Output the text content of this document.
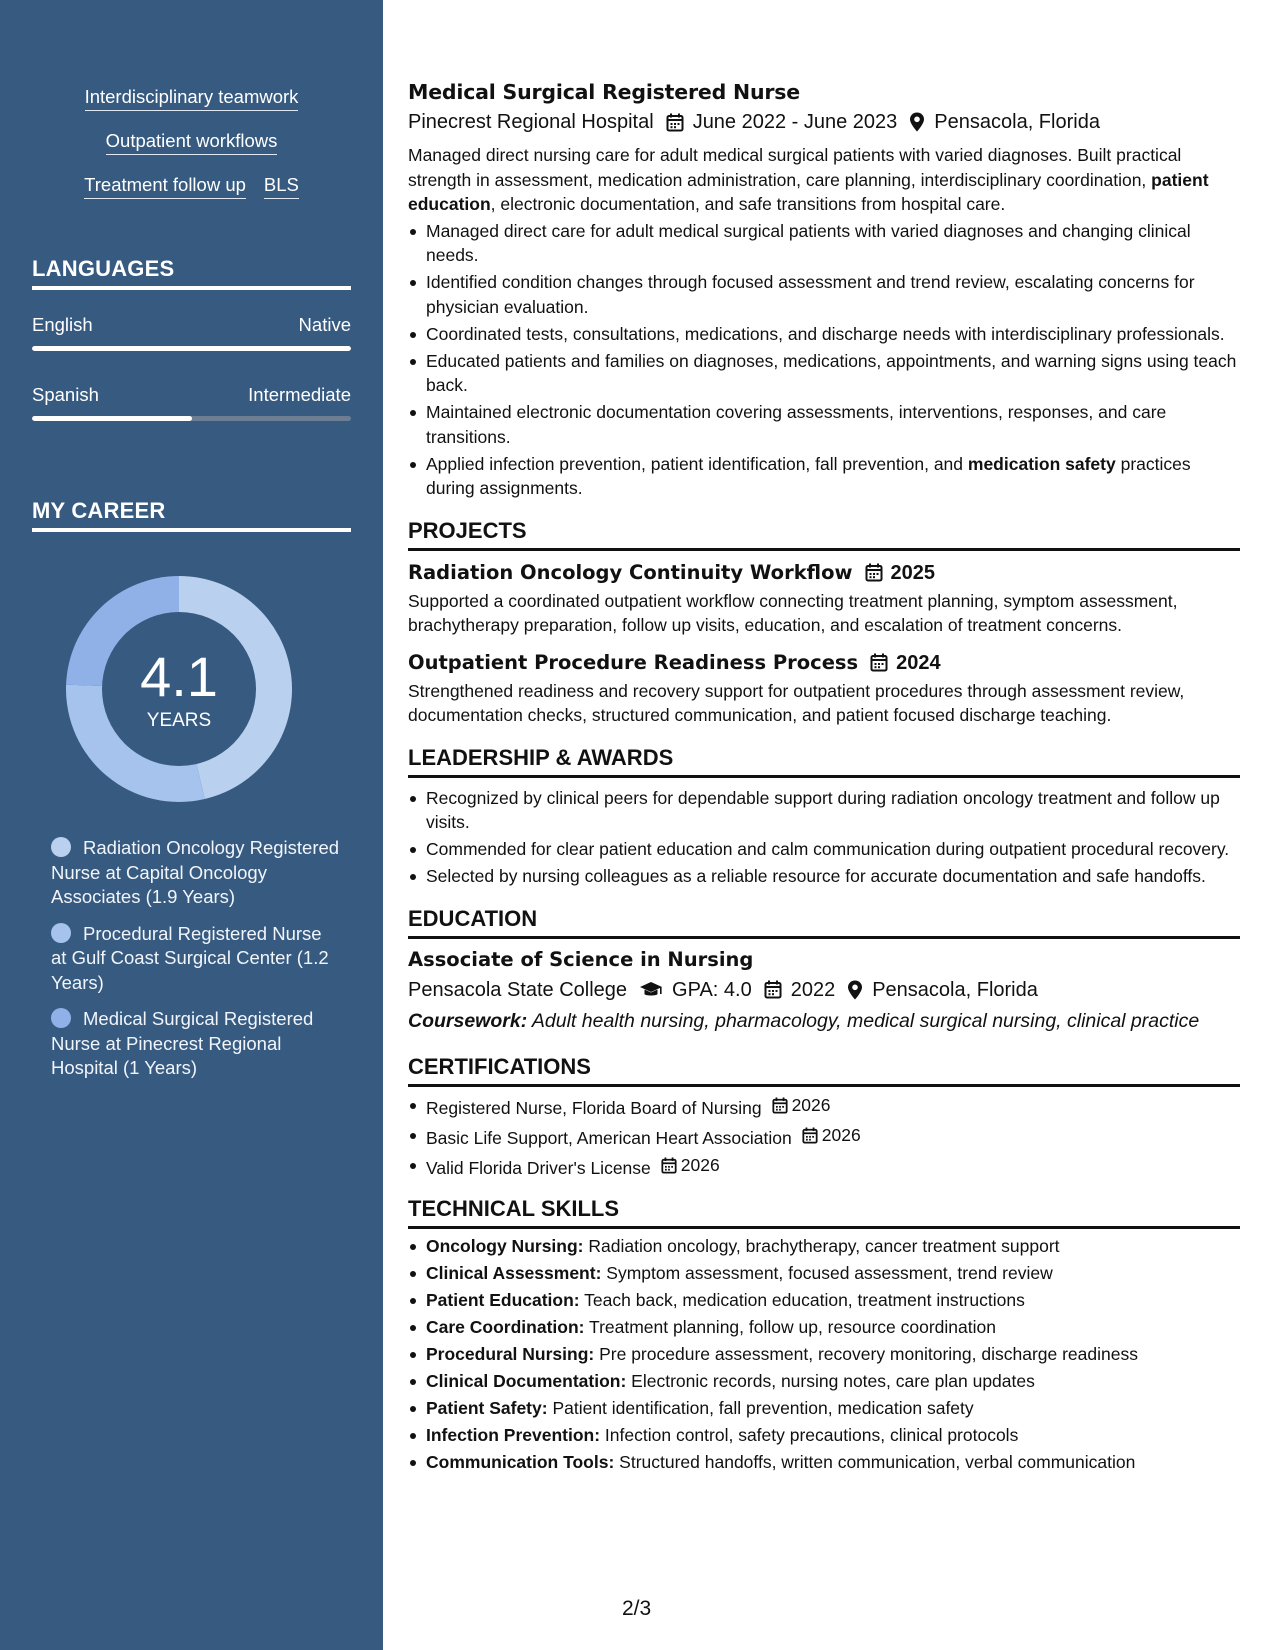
Interdisciplinary teamwork
Outpatient workflows
Treatment follow up BLS
LANGUAGES
English	Native
Spanish	Intermediate
MY CAREER
4.1
YEARS
Radiation Oncology Registered Nurse at Capital Oncology Associates (1.9 Years)
Procedural Registered Nurse at Gulf Coast Surgical Center (1.2 Years)
Medical Surgical Registered Nurse at Pinecrest Regional Hospital (1 Years)
Medical Surgical Registered Nurse
Pinecrest Regional Hospital June 2022 - June 2023 Pensacola, Florida

Managed direct nursing care for adult medical surgical patients with varied diagnoses. Built practical strength in assessment, medication administration, care planning, interdisciplinary coordination, patient education, electronic documentation, and safe transitions from hospital care.

Managed direct care for adult medical surgical patients with varied diagnoses and changing clinical needs.
Identified condition changes through focused assessment and trend review, escalating concerns for physician evaluation.
Coordinated tests, consultations, medications, and discharge needs with interdisciplinary professionals.
Educated patients and families on diagnoses, medications, appointments, and warning signs using teach back.
Maintained electronic documentation covering assessments, interventions, responses, and care transitions.
Applied infection prevention, patient identification, fall prevention, and medication safety practices during assignments.
PROJECTS
Radiation Oncology Continuity Workflow 2025

Supported a coordinated outpatient workflow connecting treatment planning, symptom assessment, brachytherapy preparation, follow up visits, education, and escalation of treatment concerns.

Outpatient Procedure Readiness Process 2024

Strengthened readiness and recovery support for outpatient procedures through assessment review, documentation checks, structured communication, and patient focused discharge teaching.

LEADERSHIP & AWARDS
Recognized by clinical peers for dependable support during radiation oncology treatment and follow up visits.
Commended for clear patient education and calm communication during outpatient procedural recovery.
Selected by nursing colleagues as a reliable resource for accurate documentation and safe handoffs.
EDUCATION
Associate of Science in Nursing
Pensacola State College GPA: 4.0 2022 Pensacola, Florida
Coursework: Adult health nursing, pharmacology, medical surgical nursing, clinical practice
CERTIFICATIONS
Registered Nurse, Florida Board of Nursing 2026
Basic Life Support, American Heart Association 2026
Valid Florida Driver's License 2026
TECHNICAL SKILLS
Oncology Nursing: Radiation oncology, brachytherapy, cancer treatment support
Clinical Assessment: Symptom assessment, focused assessment, trend review
Patient Education: Teach back, medication education, treatment instructions
Care Coordination: Treatment planning, follow up, resource coordination
Procedural Nursing: Pre procedure assessment, recovery monitoring, discharge readiness
Clinical Documentation: Electronic records, nursing notes, care plan updates
Patient Safety: Patient identification, fall prevention, medication safety
Infection Prevention: Infection control, safety precautions, clinical protocols
Communication Tools: Structured handoffs, written communication, verbal communication
2/3
